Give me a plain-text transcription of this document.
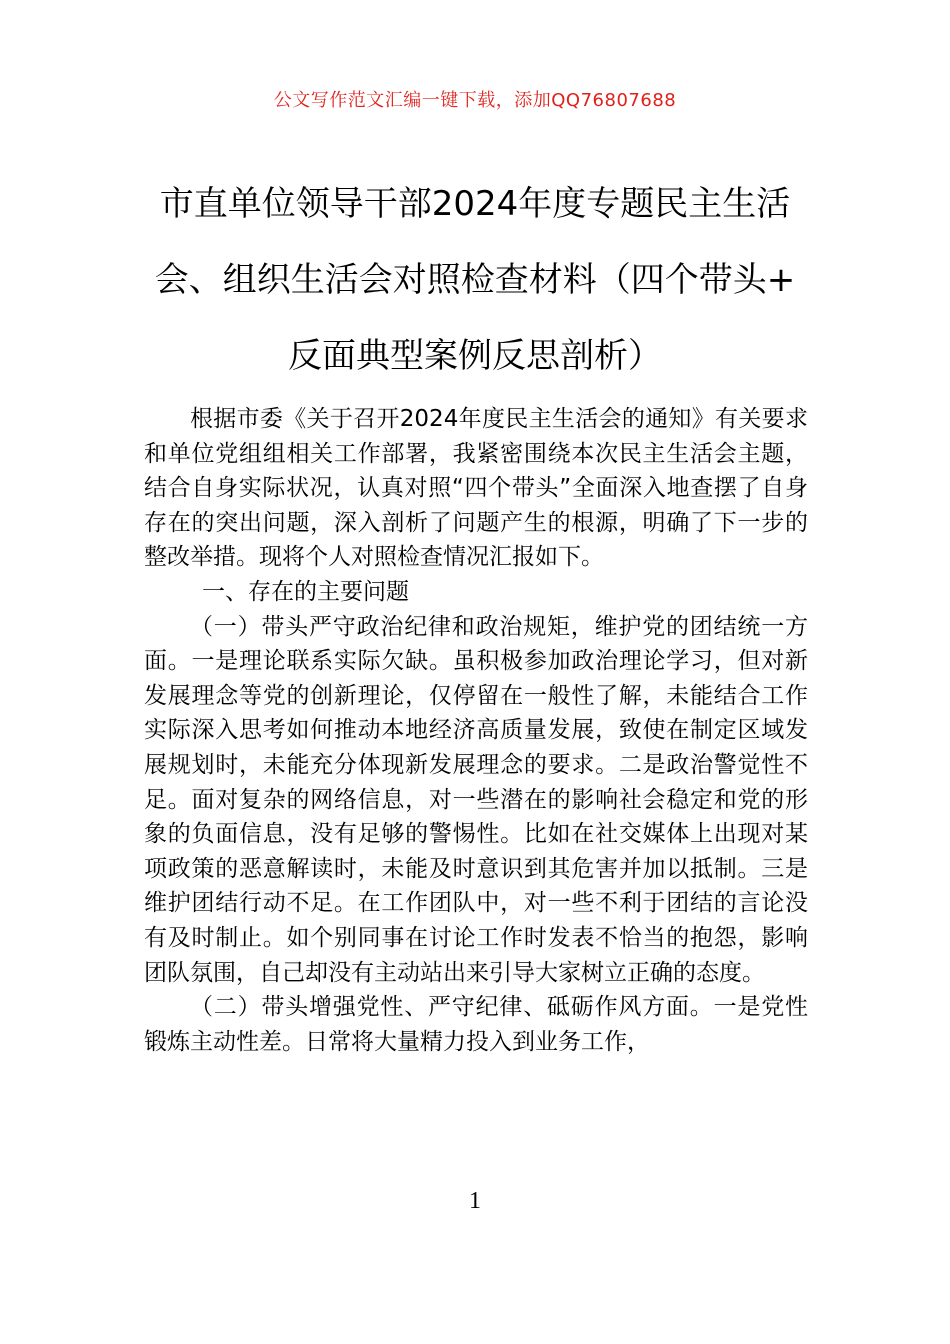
公文写作范文汇编一键下载，添加QQ76807688
市直单位领导干部2024年度专题民主生活
会、组织生活会对照检查材料（四个带头+
反面典型案例反思剖析）

根据市委《关于召开2024年度民主生活会的通知》有关要求和单位党组组相关工作部署，我紧密围绕本次民主生活会主题，结合自身实际状况，认真对照“四个带头”全面深入地查摆了自身存在的突出问题，深入剖析了问题产生的根源，明确了下一步的整改举措。现将个人对照检查情况汇报如下。

一、存在的主要问题

（一）带头严守政治纪律和政治规矩，维护党的团结统一方面。一是理论联系实际欠缺。虽积极参加政治理论学习，但对新发展理念等党的创新理论，仅停留在一般性了解，未能结合工作实际深入思考如何推动本地经济高质量发展，致使在制定区域发展规划时，未能充分体现新发展理念的要求。二是政治警觉性不足。面对复杂的网络信息，对一些潜在的影响社会稳定和党的形象的负面信息，没有足够的警惕性。比如在社交媒体上出现对某项政策的恶意解读时，未能及时意识到其危害并加以抵制。三是维护团结行动不足。在工作团队中，对一些不利于团结的言论没有及时制止。如个别同事在讨论工作时发表不恰当的抱怨，影响团队氛围，自己却没有主动站出来引导大家树立正确的态度。

（二）带头增强党性、严守纪律、砥砺作风方面。一是党性锻炼主动性差。日常将大量精力投入到业务工作，

1
